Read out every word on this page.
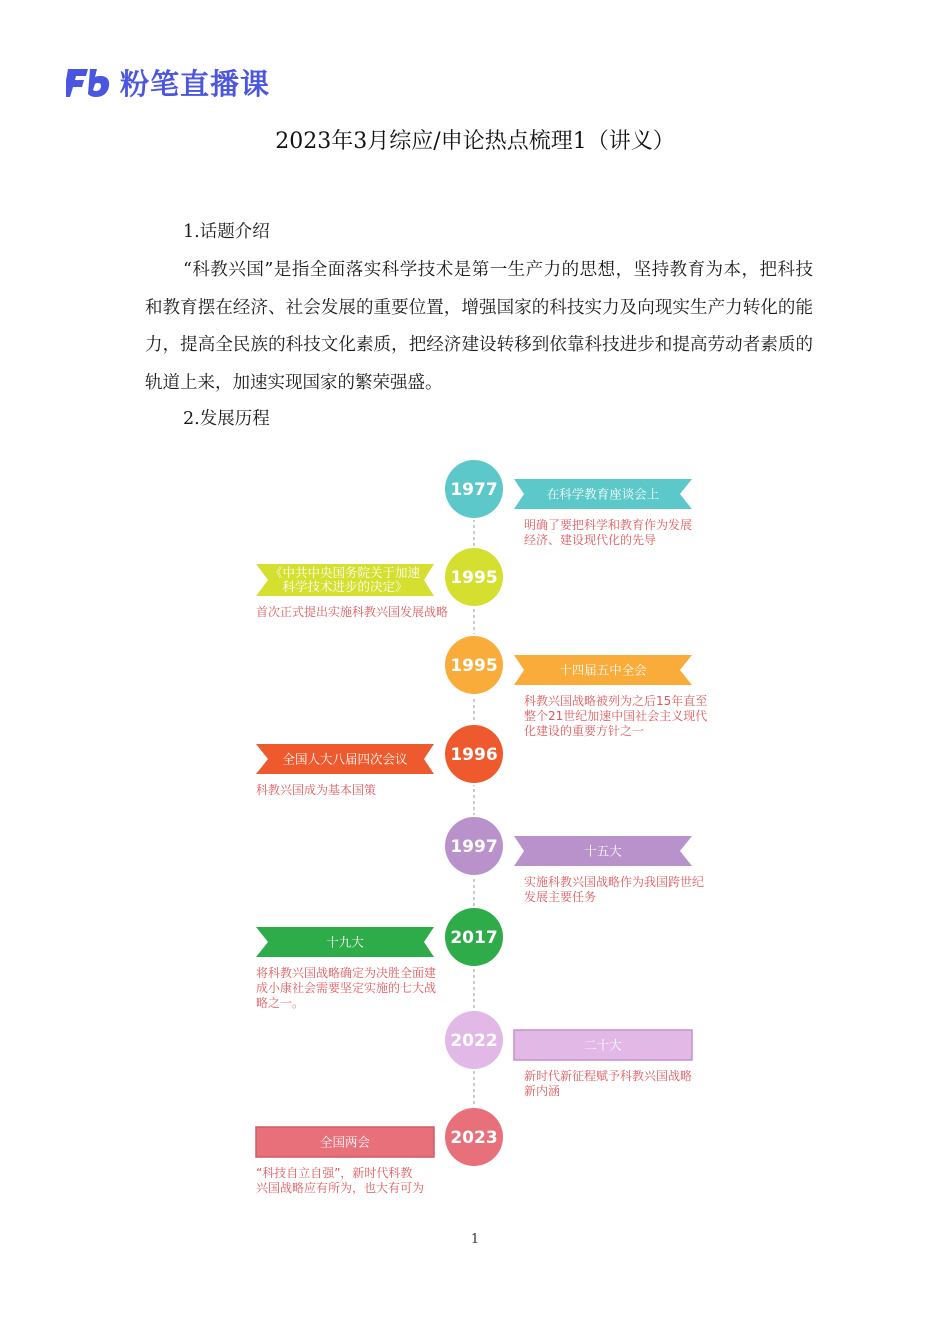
粉笔直播课
2023年3月综应/申论热点梳理1（讲义）

1.话题介绍

“科教兴国”是指全面落实科学技术是第一生产力的思想，坚持教育为本，把科技和教育摆在经济、社会发展的重要位置，增强国家的科技实力及向现实生产力转化的能力，提高全民族的科技文化素质，把经济建设转移到依靠科技进步和提高劳动者素质的轨道上来，加速实现国家的繁荣强盛。

2.发展历程

在科学教育座谈会上
明确了要把科学和教育作为发展
经济、建设现代化的先导
1977
《中共中央国务院关于加速
科学技术进步的决定》
首次正式提出实施科教兴国发展战略
1995
十四届五中全会
科教兴国战略被列为之后15年直至
整个21世纪加速中国社会主义现代
化建设的重要方针之一
1995
全国人大八届四次会议
科教兴国成为基本国策
1996
十五大
实施科教兴国战略作为我国跨世纪
发展主要任务
1997
十九大
将科教兴国战略确定为决胜全面建
成小康社会需要坚定实施的七大战
略之一。
2017
二十大
新时代新征程赋予科教兴国战略
新内涵
2022
全国两会
“科技自立自强”，新时代科教
兴国战略应有所为，也大有可为
2023
1
